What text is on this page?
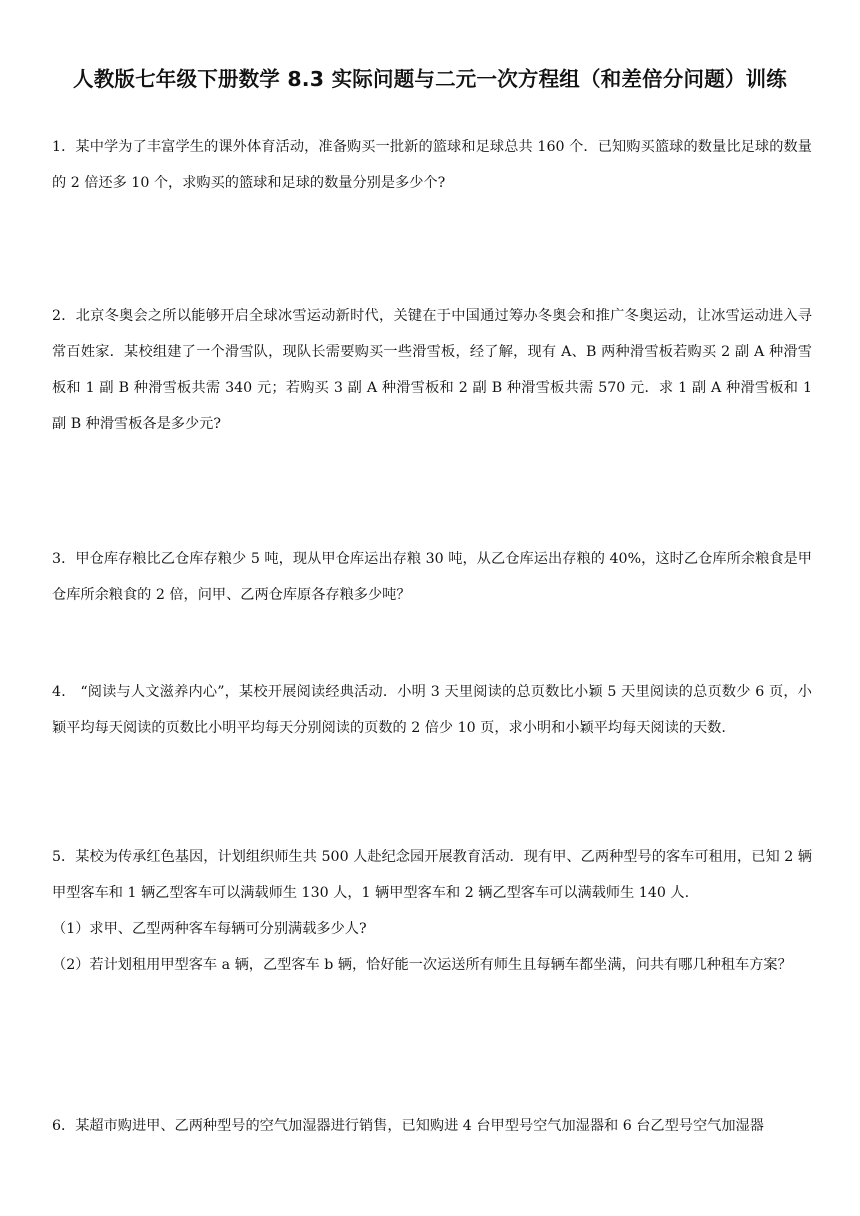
人教版七年级下册数学 8.3 实际问题与二元一次方程组（和差倍分问题）训练

1．某中学为了丰富学生的课外体育活动，准备购买一批新的篮球和足球总共 160 个．已知购买篮球的数量比足球的数量的 2 倍还多 10 个，求购买的篮球和足球的数量分别是多少个?

2．北京冬奥会之所以能够开启全球冰雪运动新时代，关键在于中国通过筹办冬奥会和推广冬奥运动，让冰雪运动进入寻常百姓家．某校组建了一个滑雪队，现队长需要购买一些滑雪板，经了解，现有 A、B 两种滑雪板若购买 2 副 A 种滑雪板和 1 副 B 种滑雪板共需 340 元；若购买 3 副 A 种滑雪板和 2 副 B 种滑雪板共需 570 元．求 1 副 A 种滑雪板和 1 副 B 种滑雪板各是多少元?

3．甲仓库存粮比乙仓库存粮少 5 吨，现从甲仓库运出存粮 30 吨，从乙仓库运出存粮的 40%，这时乙仓库所余粮食是甲仓库所余粮食的 2 倍，问甲、乙两仓库原各存粮多少吨？

4． “阅读与人文滋养内心”，某校开展阅读经典活动．小明 3 天里阅读的总页数比小颖 5 天里阅读的总页数少 6 页，小颖平均每天阅读的页数比小明平均每天分别阅读的页数的 2 倍少 10 页，求小明和小颖平均每天阅读的天数.

5．某校为传承红色基因，计划组织师生共 500 人赴纪念园开展教育活动．现有甲、乙两种型号的客车可租用，已知 2 辆甲型客车和 1 辆乙型客车可以满载师生 130 人，1 辆甲型客车和 2 辆乙型客车可以满载师生 140 人.

（1）求甲、乙型两种客车每辆可分别满载多少人?

（2）若计划租用甲型客车 a 辆，乙型客车 b 辆，恰好能一次运送所有师生且每辆车都坐满，问共有哪几种租车方案？

6．某超市购进甲、乙两种型号的空气加湿器进行销售，已知购进 4 台甲型号空气加湿器和 6 台乙型号空气加湿器
